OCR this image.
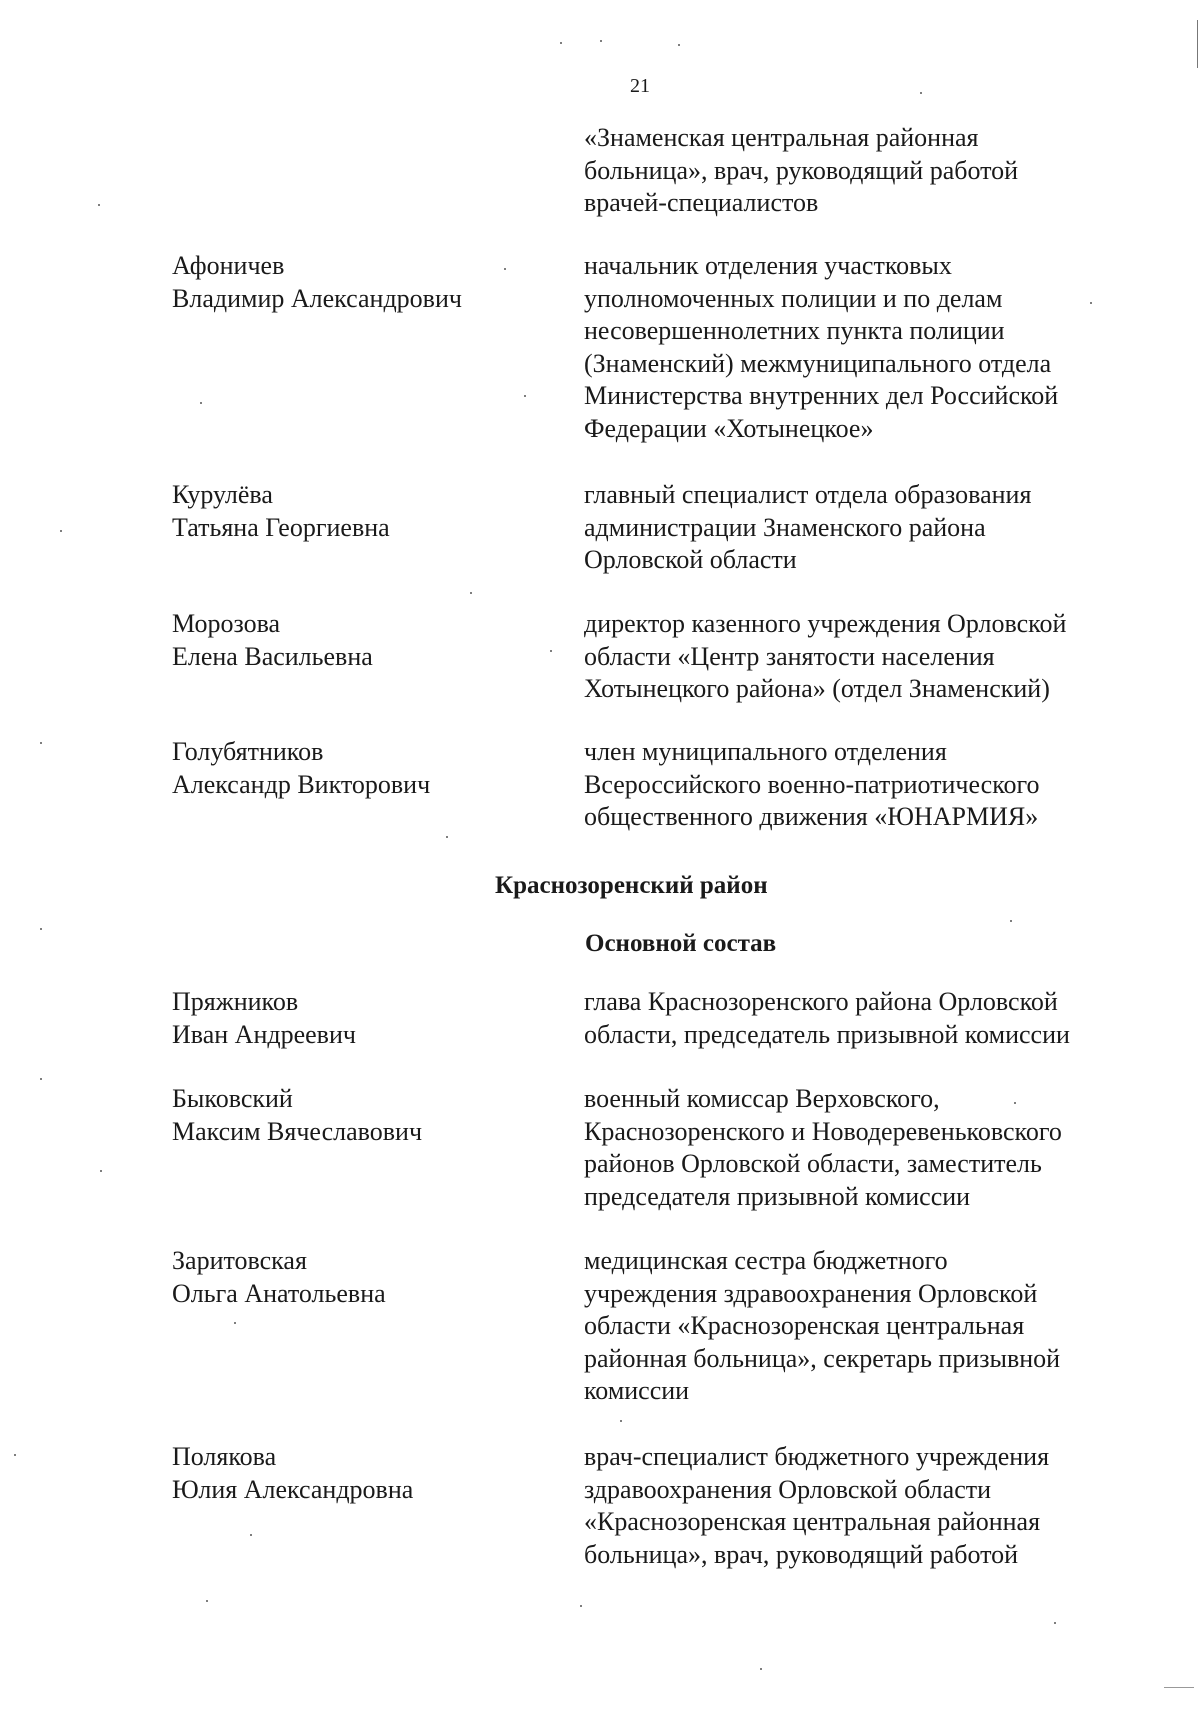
21
«Знаменская центральная районная
больница», врач, руководящий работой
врачей-специалистов
Афоничев
Владимир Александрович
начальник отделения участковых
уполномоченных полиции и по делам
несовершеннолетних пункта полиции
(Знаменский) межмуниципального отдела
Министерства внутренних дел Российской
Федерации «Хотынецкое»
Курулёва
Татьяна Георгиевна
главный специалист отдела образования
администрации Знаменского района
Орловской области
Морозова
Елена Васильевна
директор казенного учреждения Орловской
области «Центр занятости населения
Хотынецкого района» (отдел Знаменский)
Голубятников
Александр Викторович
член муниципального отделения
Всероссийского военно-патриотического
общественного движения «ЮНАРМИЯ»
Краснозоренский район
Основной состав
Пряжников
Иван Андреевич
глава Краснозоренского района Орловской
области, председатель призывной комиссии
Быковский
Максим Вячеславович
военный комиссар Верховского,
Краснозоренского и Новодеревеньковского
районов Орловской области, заместитель
председателя призывной комиссии
Заритовская
Ольга Анатольевна
медицинская сестра бюджетного
учреждения здравоохранения Орловской
области «Краснозоренская центральная
районная больница», секретарь призывной
комиссии
Полякова
Юлия Александровна
врач-специалист бюджетного учреждения
здравоохранения Орловской области
«Краснозоренская центральная районная
больница», врач, руководящий работой
